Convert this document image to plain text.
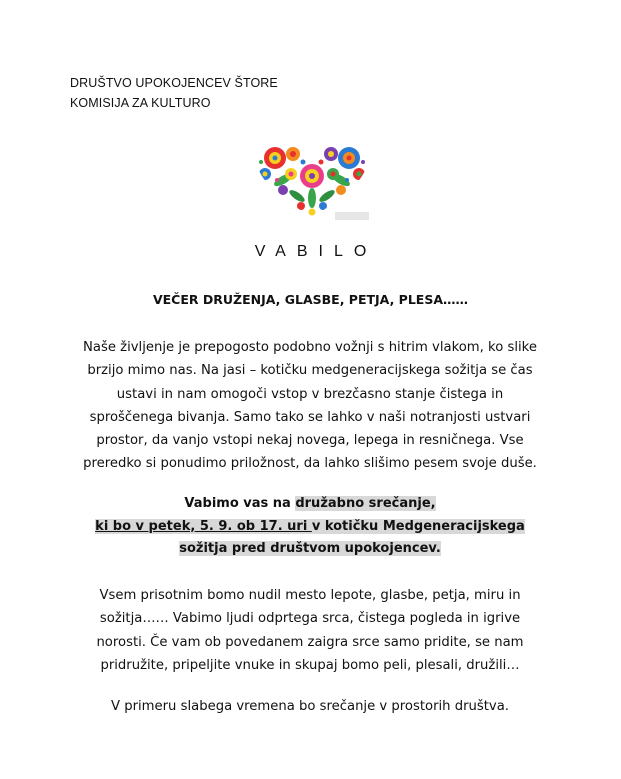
DRUŠTVO UPOKOJENCEV ŠTORE
KOMISIJA ZA KULTURO
VABILO
VEČER DRUŽENJA, GLASBE, PETJA, PLESA……
Naše življenje je prepogosto podobno vožnji s hitrim vlakom, ko slike
brzijo mimo nas. Na jasi – kotičku medgeneracijskega sožitja se čas
ustavi in nam omogoči vstop v brezčasno stanje čistega in
sproščenega bivanja. Samo tako se lahko v naši notranjosti ustvari
prostor, da vanjo vstopi nekaj novega, lepega in resničnega. Vse
preredko si ponudimo priložnost, da lahko slišimo pesem svoje duše.
Vabimo vas na družabno srečanje,
ki bo v petek, 5. 9. ob 17. uri v kotičku Medgeneracijskega
sožitja pred društvom upokojencev.
Vsem prisotnim bomo nudil mesto lepote, glasbe, petja, miru in
sožitja…… Vabimo ljudi odprtega srca, čistega pogleda in igrive
norosti. Če vam ob povedanem zaigra srce samo pridite, se nam
pridružite, pripeljite vnuke in skupaj bomo peli, plesali, družili…
V primeru slabega vremena bo srečanje v prostorih društva.
